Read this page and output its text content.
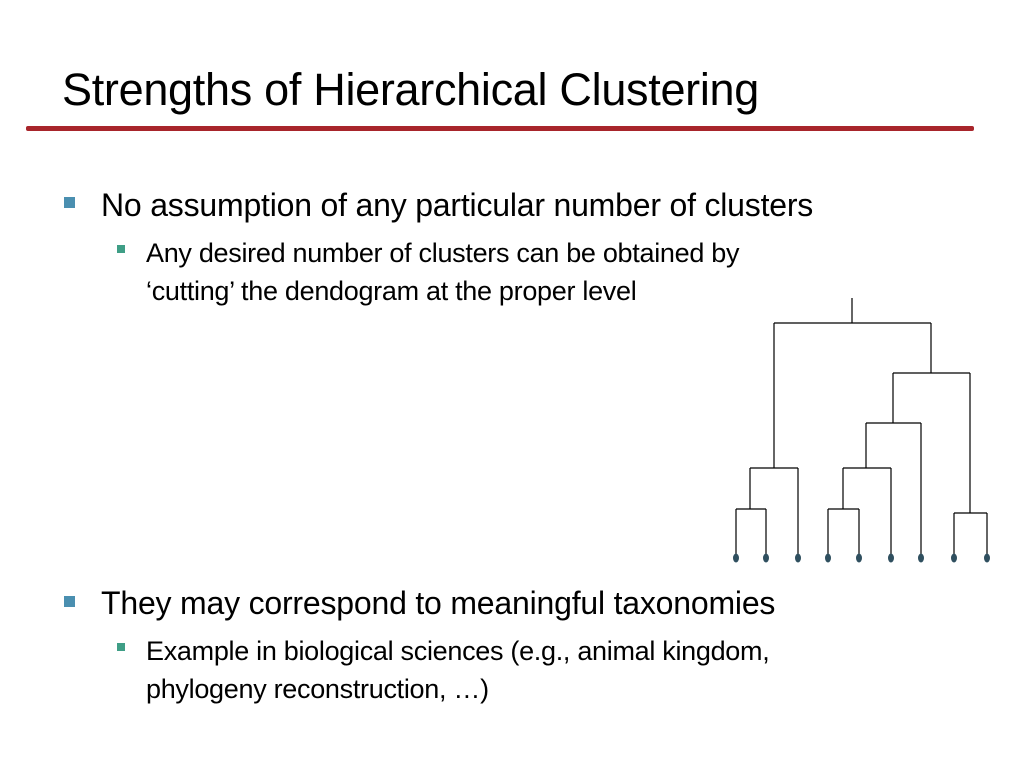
Strengths of Hierarchical Clustering
No assumption of any particular number of clusters
Any desired number of clusters can be obtained by
‘cutting’ the dendogram at the proper level
They may correspond to meaningful taxonomies
Example in biological sciences (e.g., animal kingdom,
phylogeny reconstruction, …)
